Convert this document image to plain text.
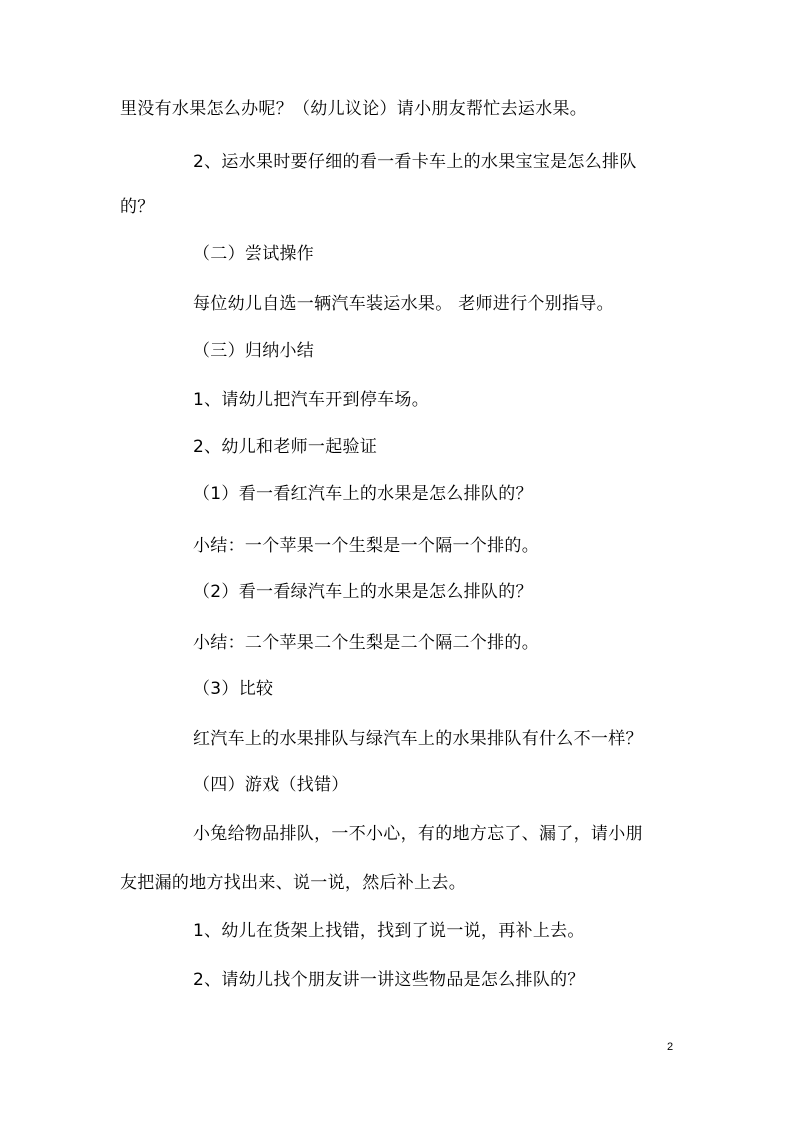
里没有水果怎么办呢？（幼儿议论）请小朋友帮忙去运水果。
2、运水果时要仔细的看一看卡车上的水果宝宝是怎么排队
的？
（二）尝试操作
每位幼儿自选一辆汽车装运水果。 老师进行个别指导。
（三）归纳小结
1、请幼儿把汽车开到停车场。
2、幼儿和老师一起验证
（1）看一看红汽车上的水果是怎么排队的？
小结：一个苹果一个生梨是一个隔一个排的。
（2）看一看绿汽车上的水果是怎么排队的？
小结：二个苹果二个生梨是二个隔二个排的。
（3）比较
红汽车上的水果排队与绿汽车上的水果排队有什么不一样？
（四）游戏（找错）
小兔给物品排队，一不小心，有的地方忘了、漏了，请小朋
友把漏的地方找出来、说一说，然后补上去。
1、幼儿在货架上找错，找到了说一说，再补上去。
2、请幼儿找个朋友讲一讲这些物品是怎么排队的？
2
